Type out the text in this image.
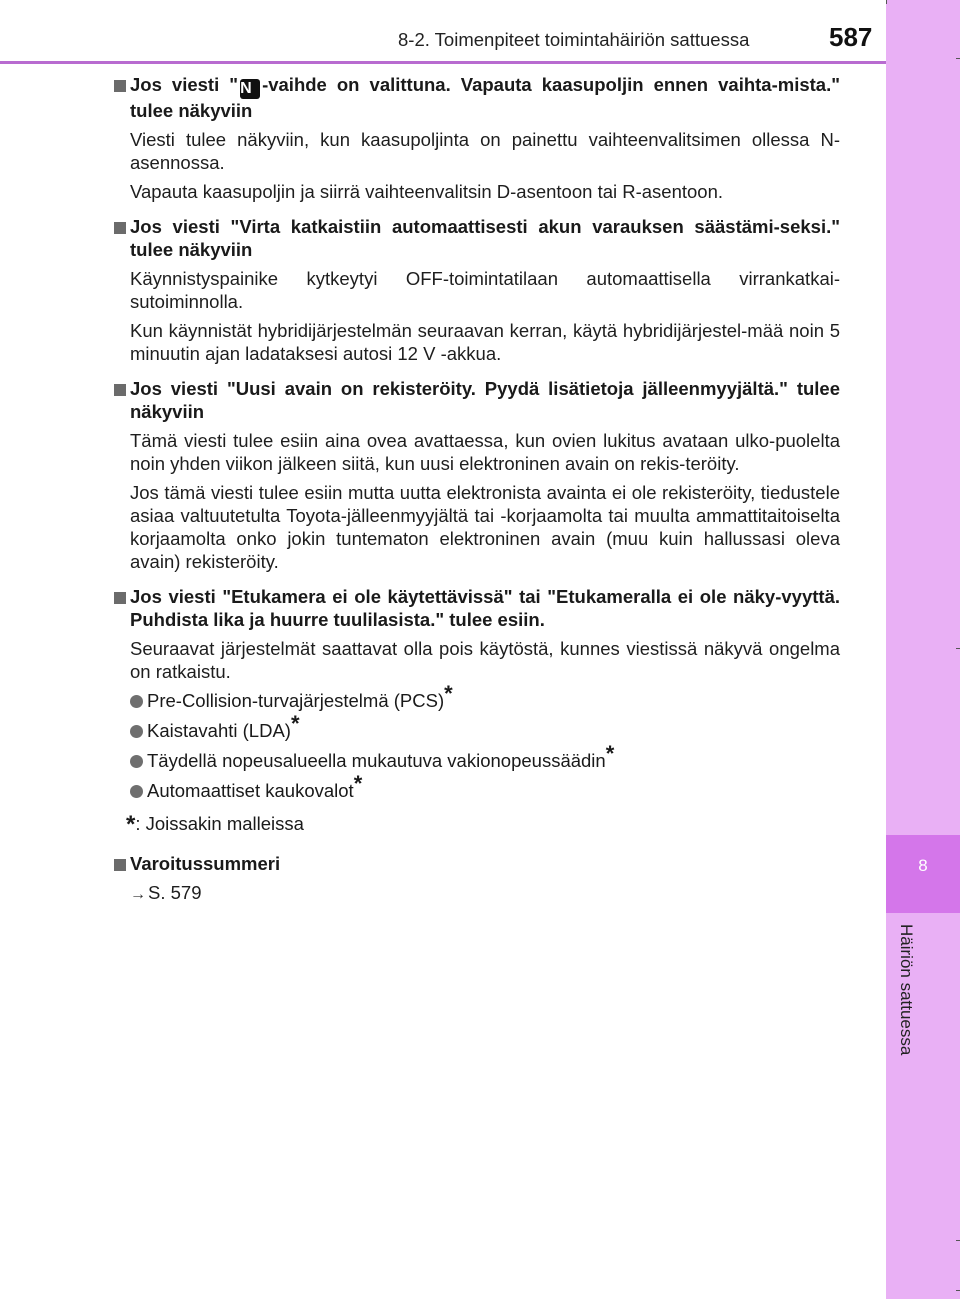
8
Häiriön sattuessa
8-2. Toimenpiteet toimintahäiriön sattuessa	587
Jos viesti " N -vaihde on valittuna. Vapauta kaasupoljin ennen vaihta-mista." tulee näkyviin
Viesti tulee näkyviin, kun kaasupoljinta on painettu vaihteenvalitsimen ollessa N-asennossa.
Vapauta kaasupoljin ja siirrä vaihteenvalitsin D-asentoon tai R-asentoon.
Jos viesti "Virta katkaistiin automaattisesti akun varauksen säästämi-seksi." tulee näkyviin
Käynnistyspainike kytkeytyi OFF-toimintatilaan automaattisella virrankatkai-sutoiminnolla.
Kun käynnistät hybridijärjestelmän seuraavan kerran, käytä hybridijärjestel-mää noin 5 minuutin ajan ladataksesi autosi 12 V -akkua.
Jos viesti "Uusi avain on rekisteröity. Pyydä lisätietoja jälleenmyyjältä." tulee näkyviin
Tämä viesti tulee esiin aina ovea avattaessa, kun ovien lukitus avataan ulko-puolelta noin yhden viikon jälkeen siitä, kun uusi elektroninen avain on rekis-teröity.
Jos tämä viesti tulee esiin mutta uutta elektronista avainta ei ole rekisteröity, tiedustele asiaa valtuutetulta Toyota-jälleenmyyjältä tai -korjaamolta tai muulta ammattitaitoiselta korjaamolta onko jokin tuntematon elektroninen avain (muu kuin hallussasi oleva avain) rekisteröity.
Jos viesti "Etukamera ei ole käytettävissä" tai "Etukameralla ei ole näky-vyyttä. Puhdista lika ja huurre tuulilasista." tulee esiin.
Seuraavat järjestelmät saattavat olla pois käytöstä, kunnes viestissä näkyvä ongelma on ratkaistu.
Pre-Collision-turvajärjestelmä (PCS)*
Kaistavahti (LDA)*
Täydellä nopeusalueella mukautuva vakionopeussäädin*
Automaattiset kaukovalot*
*: Joissakin malleissa
Varoitussummeri
→ S. 579
